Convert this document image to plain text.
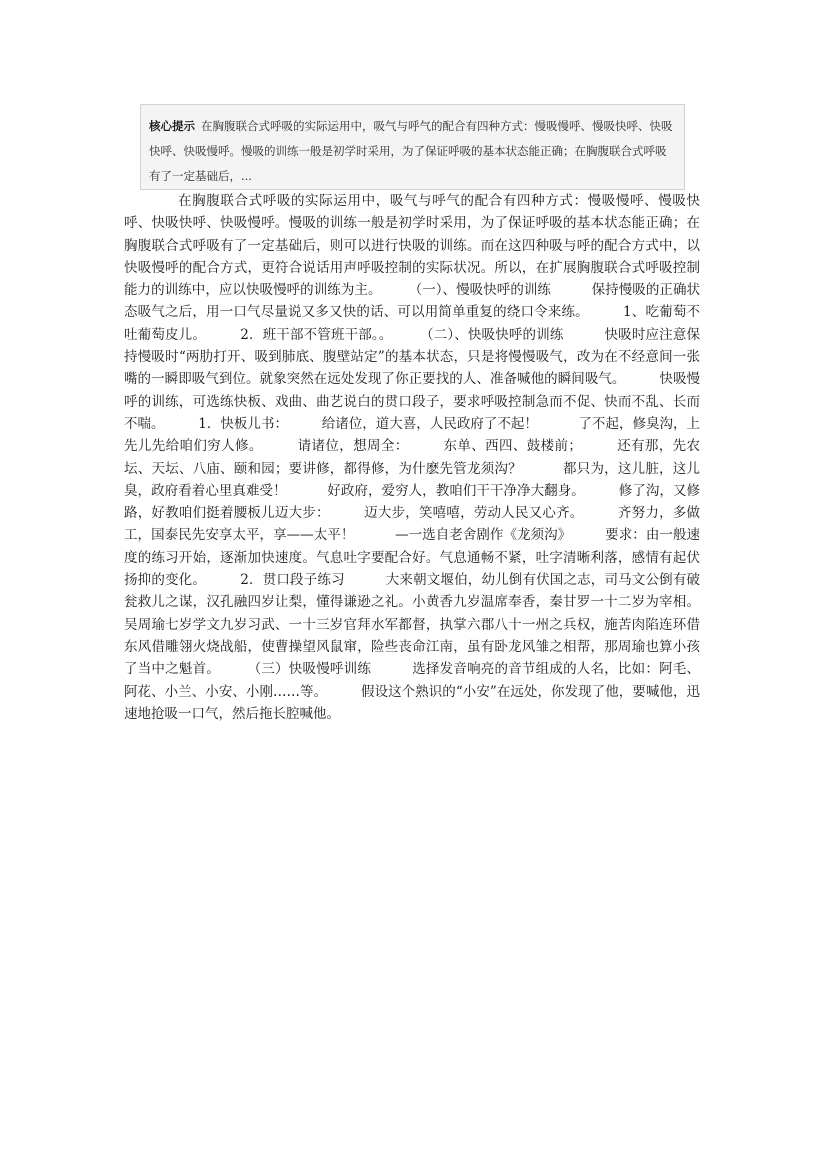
核心提示 在胸腹联合式呼吸的实际运用中，吸气与呼气的配合有四种方式：慢吸慢呼、慢吸快呼、快吸快呼、快吸慢呼。慢吸的训练一般是初学时采用，为了保证呼吸的基本状态能正确；在胸腹联合式呼吸有了一定基础后，...

在胸腹联合式呼吸的实际运用中，吸气与呼气的配合有四种方式：慢吸慢呼、慢吸快呼、快吸快呼、快吸慢呼。慢吸的训练一般是初学时采用，为了保证呼吸的基本状态能正确；在胸腹联合式呼吸有了一定基础后，则可以进行快吸的训练。而在这四种吸与呼的配合方式中，以快吸慢呼的配合方式，更符合说话用声呼吸控制的实际状况。所以，在扩展胸腹联合式呼吸控制能力的训练中，应以快吸慢呼的训练为主。　　　（一）、慢吸快呼的训练　　　保持慢吸的正确状态吸气之后，用一口气尽量说又多又快的话、可以用简单重复的绕口令来练。　　　1、吃葡萄不吐葡萄皮儿。　　　2．班干部不管班干部。。　　　（二）、快吸快呼的训练　　　快吸时应注意保持慢吸时“两肋打开、吸到肺底、腹壁站定”的基本状态，只是将慢慢吸气，改为在不经意间一张嘴的一瞬即吸气到位。就象突然在远处发现了你正要找的人、准备喊他的瞬间吸气。　　　快吸慢呼的训练，可选练快板、戏曲、曲艺说白的贯口段子，要求呼吸控制急而不促、快而不乱、长而不喘。　　　1．快板儿书：　　　给诸位，道大喜，人民政府了不起！　　　了不起，修臭沟，上先儿先给咱们穷人修。　　　请诸位，想周全：　　　东单、西四、鼓楼前；　　　还有那，先农坛、天坛、八庙、颐和园；要讲修，都得修，为什麽先管龙须沟？　　　都只为，这儿脏，这儿臭，政府看着心里真难受！　　　好政府，爱穷人，教咱们干干净净大翻身。　　　修了沟，又修路，好教咱们挺着腰板儿迈大步：　　　迈大步，笑嘻嘻，劳动人民又心齐。　　　齐努力，多做工，国泰民先安享太平，享——太平！　　　—一选自老舍剧作《龙须沟》　　　要求：由一般速度的练习开始，逐渐加快速度。气息吐字要配合好。气息通畅不紧，吐字清晰利落，感情有起伏扬抑的变化。　　　2．贯口段子练习　　　大来朝文堰伯，幼儿倒有伏国之志，司马文公倒有破瓮救儿之谋，汉孔融四岁让梨，懂得谦逊之礼。小黄香九岁温席奉香，秦甘罗一十二岁为宰相。吴周瑜七岁学文九岁习武、一十三岁官拜水军都督，执掌六郡八十一州之兵权，施苦肉陷连环借东风借雕翎火烧战船，使曹操望风鼠窜，险些丧命江南，虽有卧龙风雏之相帮，那周瑜也算小孩了当中之魁首。　　　（三）快吸慢呼训练　　　选择发音响亮的音节组成的人名，比如：阿毛、阿花、小兰、小安、小刚……等。　　　假设这个熟识的“小安”在远处，你发现了他，要喊他，迅速地抢吸一口气，然后拖长腔喊他。
